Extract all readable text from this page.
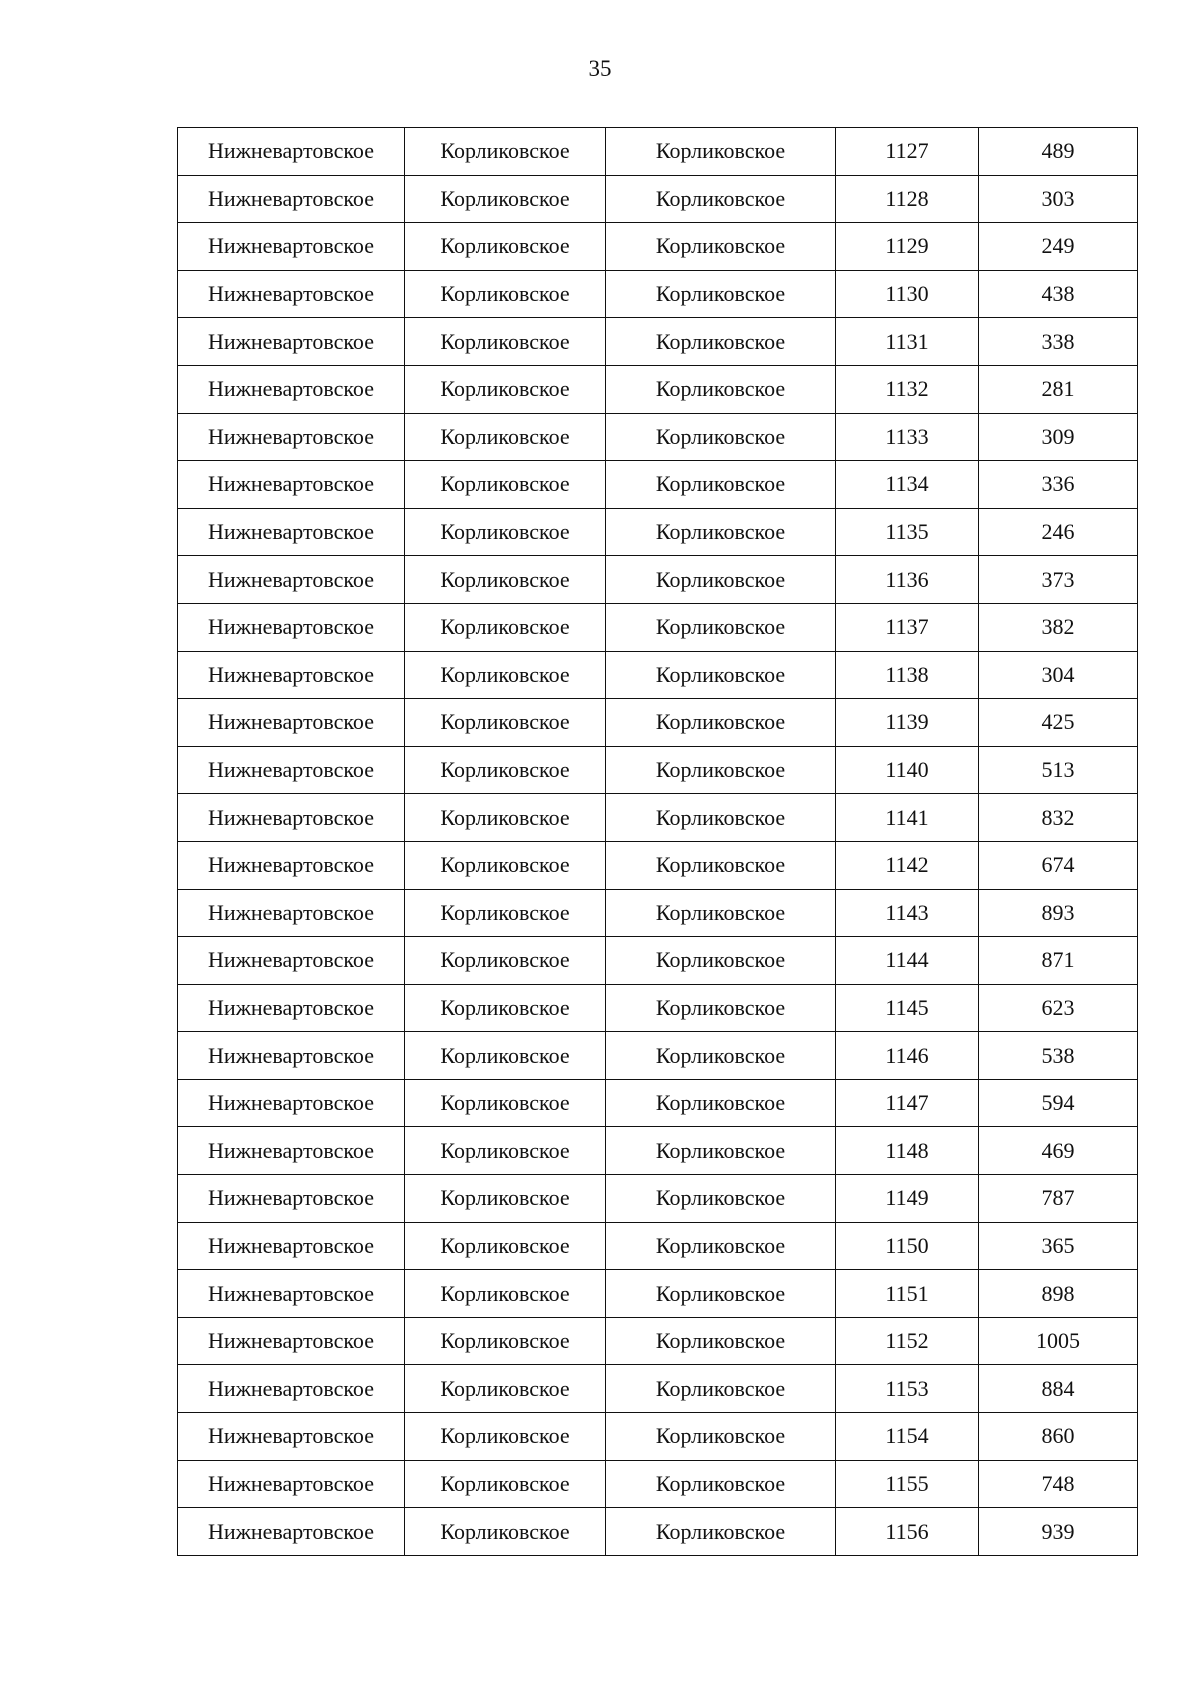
35
Нижневартовское	Корликовское	Корликовское	1127	489
Нижневартовское	Корликовское	Корликовское	1128	303
Нижневартовское	Корликовское	Корликовское	1129	249
Нижневартовское	Корликовское	Корликовское	1130	438
Нижневартовское	Корликовское	Корликовское	1131	338
Нижневартовское	Корликовское	Корликовское	1132	281
Нижневартовское	Корликовское	Корликовское	1133	309
Нижневартовское	Корликовское	Корликовское	1134	336
Нижневартовское	Корликовское	Корликовское	1135	246
Нижневартовское	Корликовское	Корликовское	1136	373
Нижневартовское	Корликовское	Корликовское	1137	382
Нижневартовское	Корликовское	Корликовское	1138	304
Нижневартовское	Корликовское	Корликовское	1139	425
Нижневартовское	Корликовское	Корликовское	1140	513
Нижневартовское	Корликовское	Корликовское	1141	832
Нижневартовское	Корликовское	Корликовское	1142	674
Нижневартовское	Корликовское	Корликовское	1143	893
Нижневартовское	Корликовское	Корликовское	1144	871
Нижневартовское	Корликовское	Корликовское	1145	623
Нижневартовское	Корликовское	Корликовское	1146	538
Нижневартовское	Корликовское	Корликовское	1147	594
Нижневартовское	Корликовское	Корликовское	1148	469
Нижневартовское	Корликовское	Корликовское	1149	787
Нижневартовское	Корликовское	Корликовское	1150	365
Нижневартовское	Корликовское	Корликовское	1151	898
Нижневартовское	Корликовское	Корликовское	1152	1005
Нижневартовское	Корликовское	Корликовское	1153	884
Нижневартовское	Корликовское	Корликовское	1154	860
Нижневартовское	Корликовское	Корликовское	1155	748
Нижневартовское	Корликовское	Корликовское	1156	939
